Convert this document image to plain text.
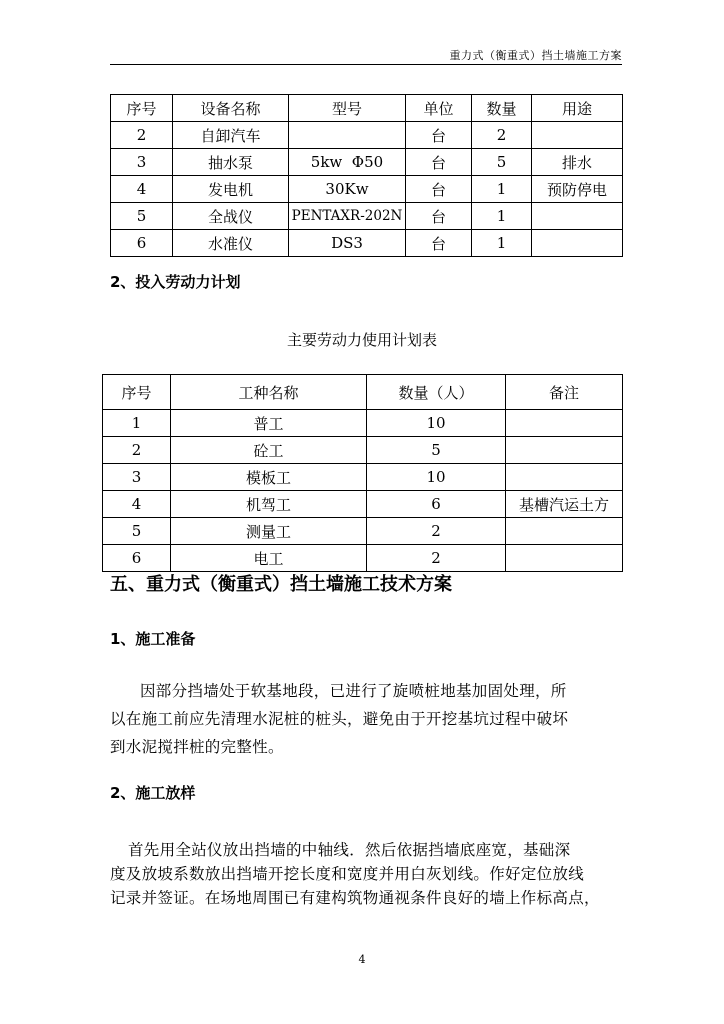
重力式（衡重式）挡土墙施工方案
序号	设备名称	型号	单位	数量	用途
2	自卸汽车		台	2	
3	抽水泵	5kw  Φ50	台	5	排水
4	发电机	30Kw	台	1	预防停电
5	全战仪	PENTAXR-202N	台	1	
6	水准仪	DS3	台	1	
2、投入劳动力计划
主要劳动力使用计划表
序号	工种名称	数量（人）	备注
1	普工	10	
2	砼工	5	
3	模板工	10	
4	机驾工	6	基槽汽运土方
5	测量工	2	
6	电工	2	
五、重力式（衡重式）挡土墙施工技术方案
1、施工准备
因部分挡墙处于软基地段，已进行了旋喷桩地基加固处理，所
以在施工前应先清理水泥桩的桩头，避免由于开挖基坑过程中破坏
到水泥搅拌桩的完整性。
2、施工放样
首先用全站仪放出挡墙的中轴线．然后依据挡墙底座宽，基础深
度及放坡系数放出挡墙开挖长度和宽度并用白灰划线。作好定位放线
记录并签证。在场地周围已有建构筑物通视条件良好的墙上作标高点，
4
